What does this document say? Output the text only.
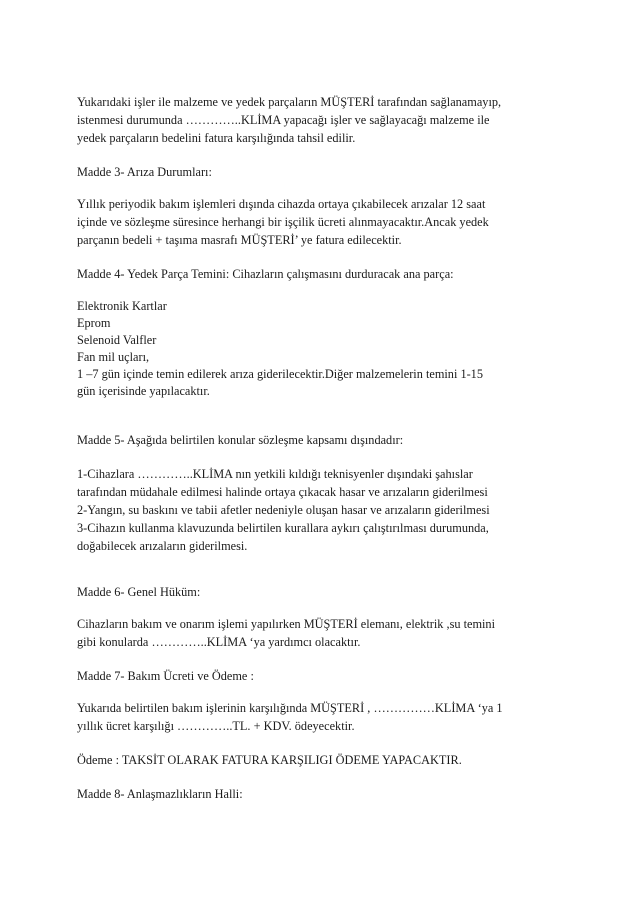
Yukarıdaki işler ile malzeme ve yedek parçaların MÜŞTERİ tarafından sağlanamayıp,
istenmesi durumunda …………..KLİMA yapacağı işler ve sağlayacağı malzeme ile
yedek parçaların bedelini fatura karşılığında tahsil edilir.
Madde 3- Arıza Durumları:
Yıllık periyodik bakım işlemleri dışında cihazda ortaya çıkabilecek arızalar 12 saat
içinde ve sözleşme süresince herhangi bir işçilik ücreti alınmayacaktır.Ancak yedek
parçanın bedeli + taşıma masrafı MÜŞTERİ’ ye fatura edilecektir.
Madde 4- Yedek Parça Temini: Cihazların çalışmasını durduracak ana parça:
Elektronik Kartlar
Eprom
Selenoid Valfler
Fan mil uçları,
1 –7 gün içinde temin edilerek arıza giderilecektir.Diğer malzemelerin temini 1-15
gün içerisinde yapılacaktır.
Madde 5- Aşağıda belirtilen konular sözleşme kapsamı dışındadır:
1-Cihazlara …………..KLİMA nın yetkili kıldığı teknisyenler dışındaki şahıslar
tarafından müdahale edilmesi halinde ortaya çıkacak hasar ve arızaların giderilmesi
2-Yangın, su baskını ve tabii afetler nedeniyle oluşan hasar ve arızaların giderilmesi
3-Cihazın kullanma klavuzunda belirtilen kurallara aykırı çalıştırılması durumunda,
doğabilecek arızaların giderilmesi.
Madde 6- Genel Hüküm:
Cihazların bakım ve onarım işlemi yapılırken MÜŞTERİ elemanı, elektrik ,su temini
gibi konularda …………..KLİMA ‘ya yardımcı olacaktır.
Madde 7- Bakım Ücreti ve Ödeme :
Yukarıda belirtilen bakım işlerinin karşılığında MÜŞTERİ , ……………KLİMA ‘ya 1
yıllık ücret karşılığı …………..TL. + KDV. ödeyecektir.
Ödeme : TAKSİT OLARAK FATURA KARŞILIGI ÖDEME YAPACAKTIR.
Madde 8- Anlaşmazlıkların Halli:
